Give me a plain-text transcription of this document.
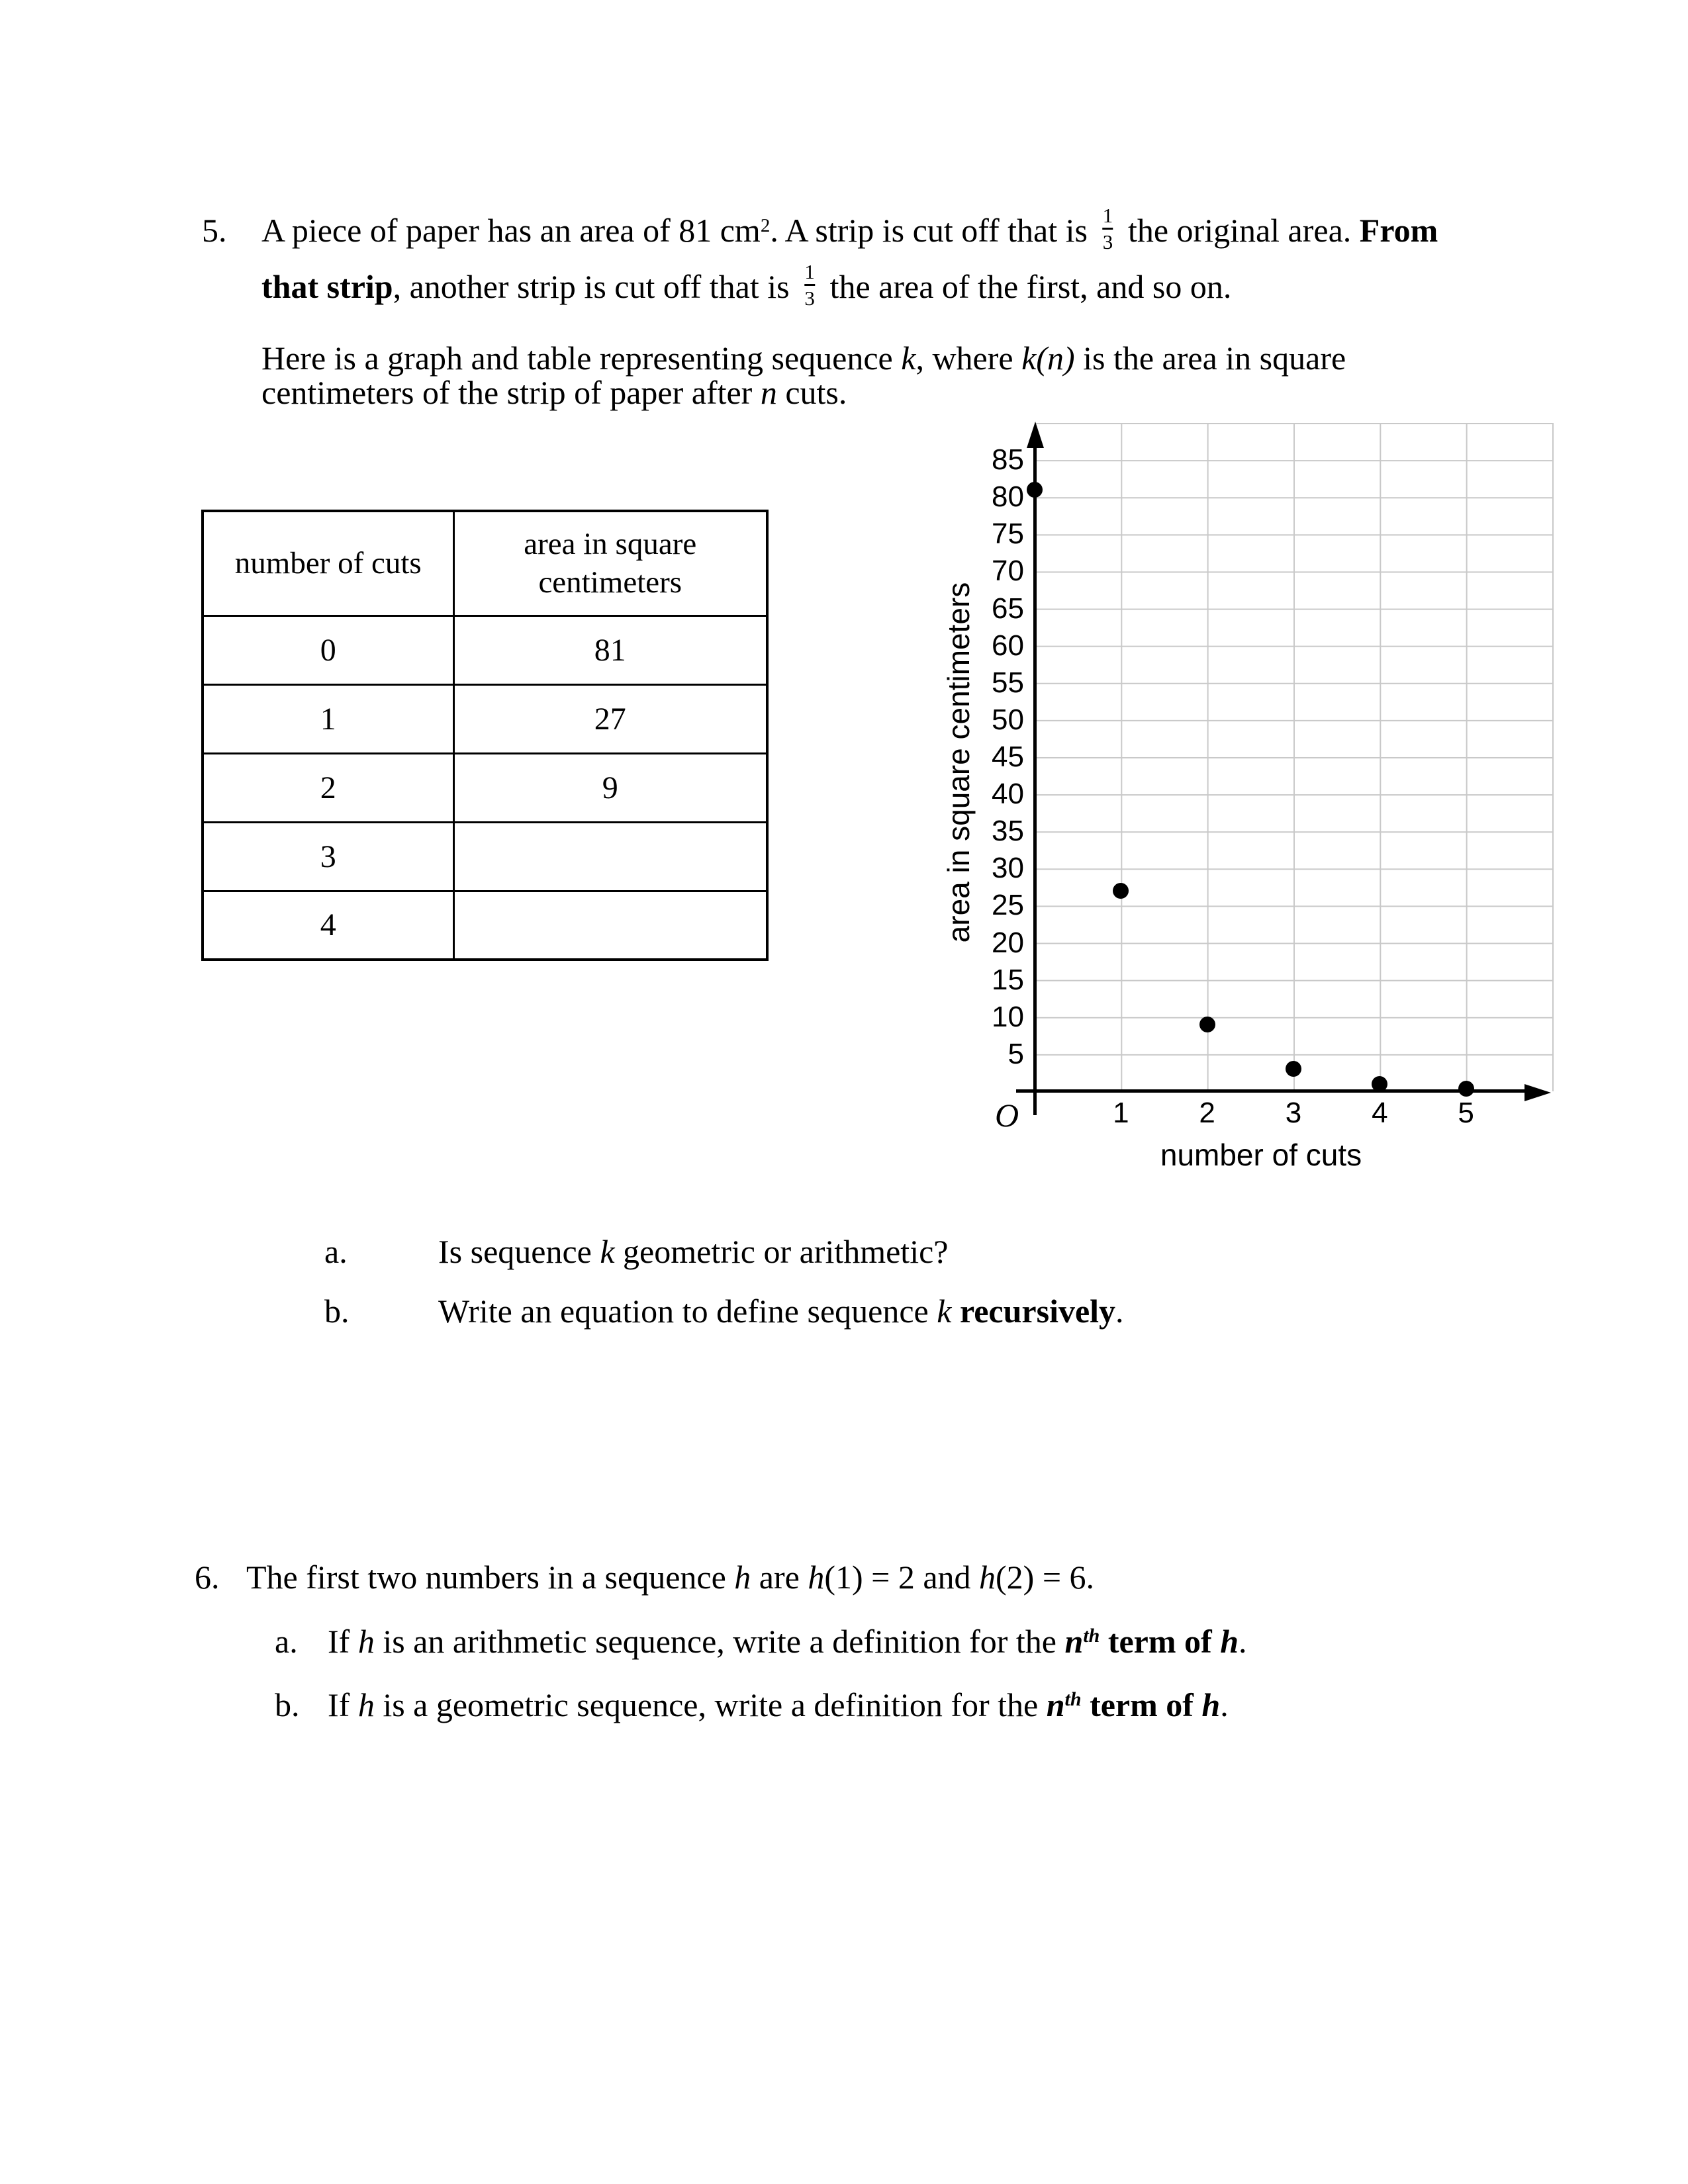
5. A piece of paper has an area of 81 $cm^2$. A strip is cut off that is 1
3 the original area. From
that strip, another strip is cut off that is 1
3 the area of the first, and so on.
Here is a graph and table representing sequence k, where k(n) is the area in square
centimeters of the strip of paper after n cuts.
number of cuts	area in square centimeters
0	81
1	27
2	9
3	
4	
1 2 3 4 5
5
10
15
20
25
30
35
40
45
50
55
60
65
70
75
80
85
O
number of cuts
area in square centimeters
a.	Is sequence k geometric or arithmetic?
b.	Write an equation to define sequence k recursively.
6. The first two numbers in a sequence h are h(1) = 2 and h(2) = 6.
a. If h is an arithmetic sequence, write a definition for the $n^{th}$ term of h.
b. If h is a geometric sequence, write a definition for the $n^{th}$ term of h.
